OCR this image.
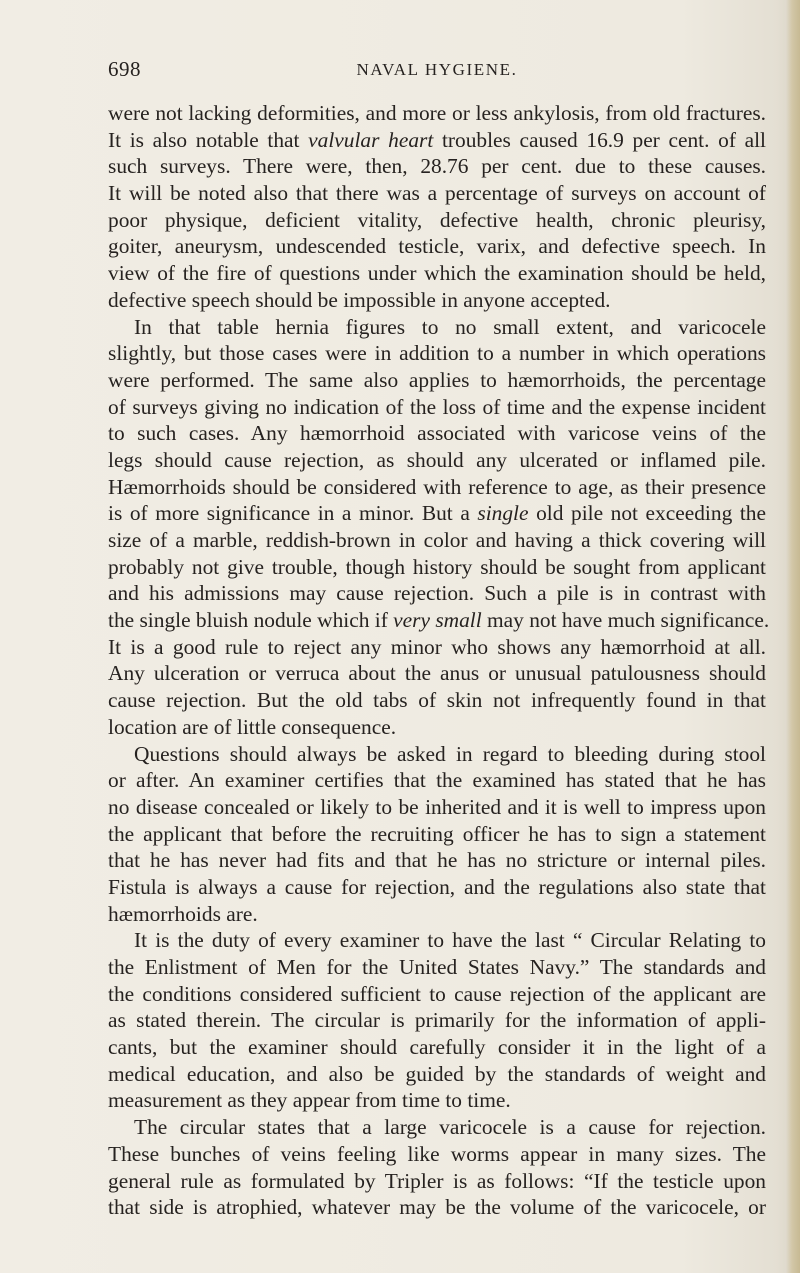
698	NAVAL HYGIENE.
were not lacking deformities, and more or less ankylosis, from old fractures.
It is also notable that valvular heart troubles caused 16.9 per cent. of all
such surveys. There were, then, 28.76 per cent. due to these causes.
It will be noted also that there was a percentage of surveys on account of
poor physique, deficient vitality, defective health, chronic pleurisy,
goiter, aneurysm, undescended testicle, varix, and defective speech. In
view of the fire of questions under which the examination should be held,
defective speech should be impossible in anyone accepted.
In that table hernia figures to no small extent, and varicocele
slightly, but those cases were in addition to a number in which operations
were performed. The same also applies to hæmorrhoids, the percentage
of surveys giving no indication of the loss of time and the expense incident
to such cases. Any hæmorrhoid associated with varicose veins of the
legs should cause rejection, as should any ulcerated or inflamed pile.
Hæmorrhoids should be considered with reference to age, as their presence
is of more significance in a minor. But a single old pile not exceeding the
size of a marble, reddish-brown in color and having a thick covering will
probably not give trouble, though history should be sought from applicant
and his admissions may cause rejection. Such a pile is in contrast with
the single bluish nodule which if very small may not have much significance.
It is a good rule to reject any minor who shows any hæmorrhoid at all.
Any ulceration or verruca about the anus or unusual patulousness should
cause rejection. But the old tabs of skin not infrequently found in that
location are of little consequence.
Questions should always be asked in regard to bleeding during stool
or after. An examiner certifies that the examined has stated that he has
no disease concealed or likely to be inherited and it is well to impress upon
the applicant that before the recruiting officer he has to sign a statement
that he has never had fits and that he has no stricture or internal piles.
Fistula is always a cause for rejection, and the regulations also state that
hæmorrhoids are.
It is the duty of every examiner to have the last “ Circular Relating to
the Enlistment of Men for the United States Navy.” The standards and
the conditions considered sufficient to cause rejection of the applicant are
as stated therein. The circular is primarily for the information of appli-
cants, but the examiner should carefully consider it in the light of a
medical education, and also be guided by the standards of weight and
measurement as they appear from time to time.
The circular states that a large varicocele is a cause for rejection.
These bunches of veins feeling like worms appear in many sizes. The
general rule as formulated by Tripler is as follows: “If the testicle upon
that side is atrophied, whatever may be the volume of the varicocele, or
